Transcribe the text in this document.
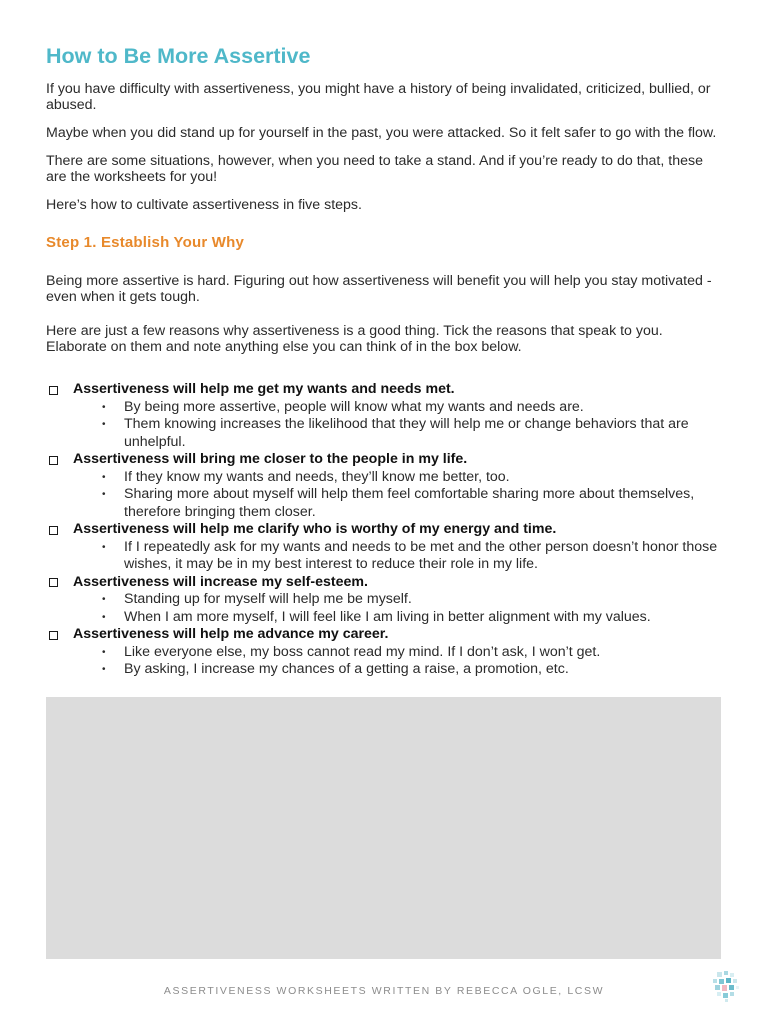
How to Be More Assertive

If you have difficulty with assertiveness, you might have a history of being invalidated, criticized, bullied, or abused.

Maybe when you did stand up for yourself in the past, you were attacked. So it felt safer to go with the flow.

There are some situations, however, when you need to take a stand. And if you’re ready to do that, these are the worksheets for you!

Here’s how to cultivate assertiveness in five steps.

Step 1. Establish Your Why

Being more assertive is hard. Figuring out how assertiveness will benefit you will help you stay motivated - even when it gets tough.

Here are just a few reasons why assertiveness is a good thing. Tick the reasons that speak to you. Elaborate on them and note anything else you can think of in the box below.

Assertiveness will help me get my wants and needs met.
• By being more assertive, people will know what my wants and needs are.
• Them knowing increases the likelihood that they will help me or change behaviors that are unhelpful.
Assertiveness will bring me closer to the people in my life.
• If they know my wants and needs, they’ll know me better, too.
• Sharing more about myself will help them feel comfortable sharing more about themselves, therefore bringing them closer.
Assertiveness will help me clarify who is worthy of my energy and time.
• If I repeatedly ask for my wants and needs to be met and the other person doesn’t honor those wishes, it may be in my best interest to reduce their role in my life.
Assertiveness will increase my self-esteem.
• Standing up for myself will help me be myself.
• When I am more myself, I will feel like I am living in better alignment with my values.
Assertiveness will help me advance my career.
• Like everyone else, my boss cannot read my mind. If I don’t ask, I won’t get.
• By asking, I increase my chances of a getting a raise, a promotion, etc.
ASSERTIVENESS WORKSHEETS WRITTEN BY REBECCA OGLE, LCSW
